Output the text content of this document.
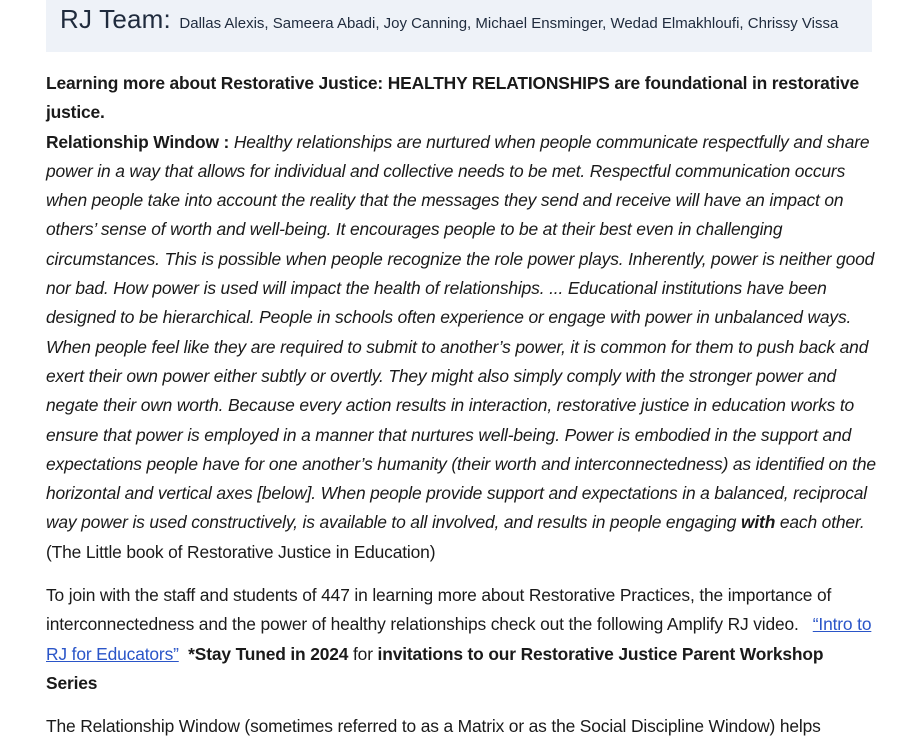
RJ Team: Dallas Alexis, Sameera Abadi, Joy Canning, Michael Ensminger, Wedad Elmakhloufi, Chrissy Vissa

Learning more about Restorative Justice: HEALTHY RELATIONSHIPS are foundational in restorative justice.
Relationship Window : Healthy relationships are nurtured when people communicate respectfully and share power in a way that allows for individual and collective needs to be met. Respectful communication occurs when people take into account the reality that the messages they send and receive will have an impact on others’ sense of worth and well-being. It encourages people to be at their best even in challenging circumstances. This is possible when people recognize the role power plays. Inherently, power is neither good nor bad. How power is used will impact the health of relationships. ... Educational institutions have been designed to be hierarchical. People in schools often experience or engage with power in unbalanced ways. When people feel like they are required to submit to another’s power, it is common for them to push back and exert their own power either subtly or overtly. They might also simply comply with the stronger power and negate their own worth. Because every action results in interaction, restorative justice in education works to ensure that power is employed in a manner that nurtures well-being. Power is embodied in the support and expectations people have for one another’s humanity (their worth and interconnectedness) as identified on the horizontal and vertical axes [below]. When people provide support and expectations in a balanced, reciprocal way power is used constructively, is available to all involved, and results in people engaging with each other. (The Little book of Restorative Justice in Education)

To join with the staff and students of 447 in learning more about Restorative Practices, the importance of interconnectedness and the power of healthy relationships check out the following Amplify RJ video. “Intro to RJ for Educators” *Stay Tuned in 2024 for invitations to our Restorative Justice Parent Workshop Series

The Relationship Window (sometimes referred to as a Matrix or as the Social Discipline Window) helps
